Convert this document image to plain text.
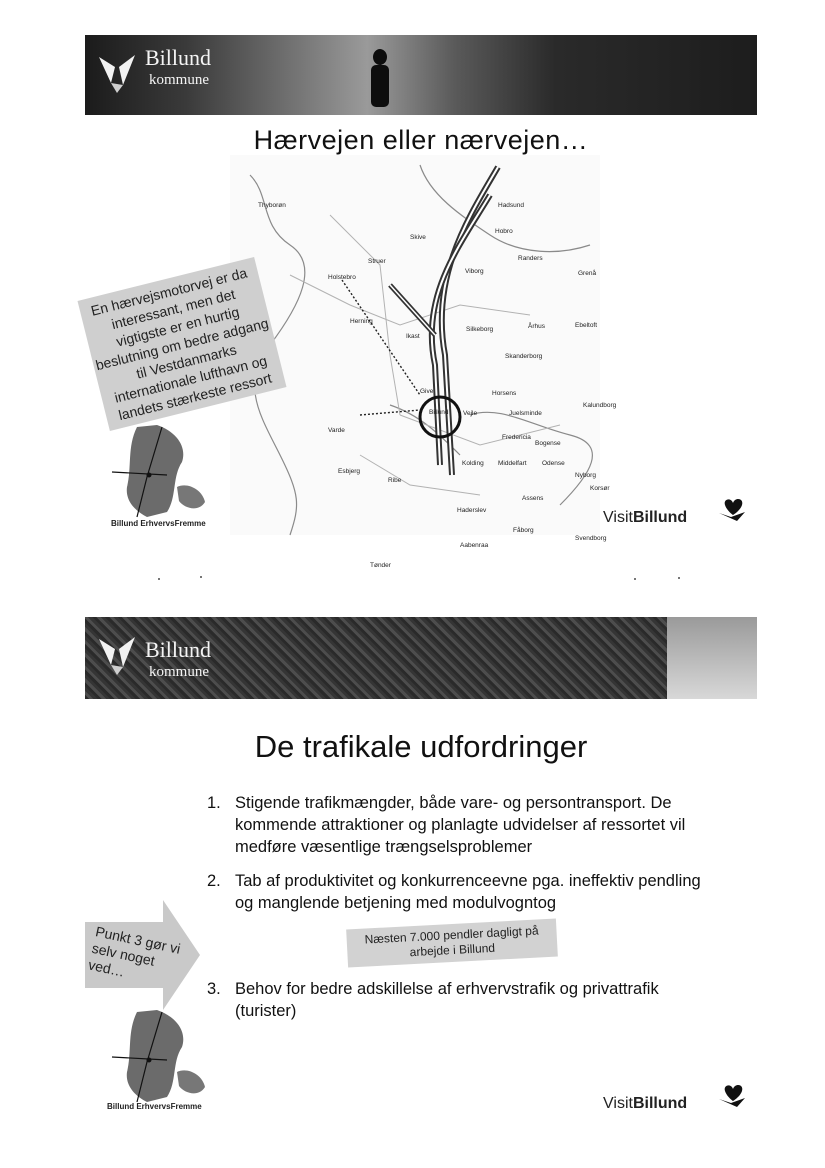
Billund
kommune
Hærvejen eller nærvejen…
Thyborøn	Hadsund
Hobro
Skive
Struer	Randers
Grenå
Holstebro
Viborg
Herning
Silkeborg
Ikast
Århus	Ebeltoft
Skanderborg
Give	Horsens
Billund Vejle	Juelsminde
Kalundborg
Varde
Fredericia
Bogense
Kolding Middelfart Odense
Esbjerg
Ribe
Nyborg
Korsør
Assens
Haderslev
Fåborg
Svendborg
Aabenraa
Tønder
En hærvejsmotorvej er da interessant, men det vigtigste er en hurtig beslutning om bedre adgang til Vestdanmarks internationale lufthavn og landets stærkeste ressort
Billund ErhvervsFremme	VisitBillund
Billund
kommune
De trafikale udfordringer
1. Stigende trafikmængder, både vare- og persontransport. De kommende attraktioner og planlagte udvidelser af ressortet vil medføre væsentlige trængselsproblemer
2. Tab af produktivitet og konkurrenceevne pga. ineffektiv pendling og manglende betjening med modulvogntog
3. Behov for bedre adskillelse af erhvervstrafik og privattrafik (turister)
Næsten 7.000 pendler dagligt på arbejde i Billund
Punkt 3 gør vi selv noget ved…
Billund ErhvervsFremme	VisitBillund
